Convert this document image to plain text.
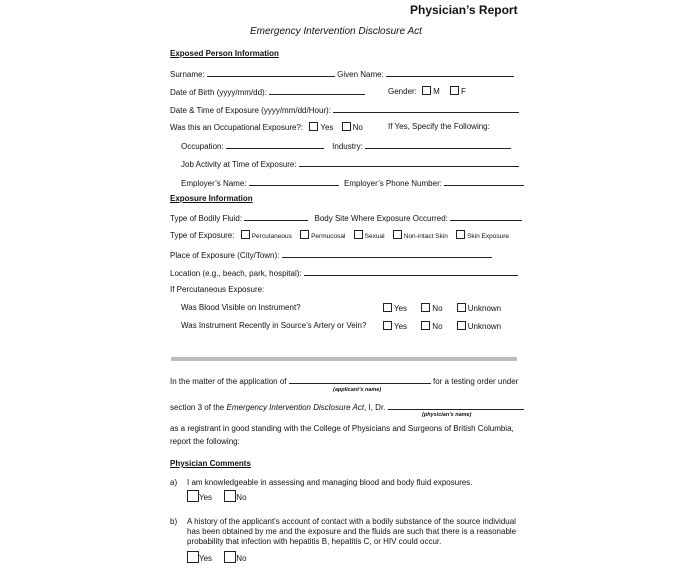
Physician’s Report
Emergency Intervention Disclosure Act
Exposed Person Information
Surname:	Given Name:
Date of Birth (yyyy/mm/dd):	Gender: M	F
Date & Time of Exposure (yyyy/mm/dd/Hour):
Was this an Occupational Exposure?: Yes No	If Yes, Specify the Following:
Occupation:	Industry:
Job Activity at Time of Exposure:
Employer’s Name:	Employer’s Phone Number:
Exposure Information
Type of Bodily Fluid:	Body Site Where Exposure Occurred:
Type of Exposure:	Percutaneous	Permucosal	Sexual	Non-intact Skin	Skin Exposure
Place of Exposure (City/Town):
Location (e.g., beach, park, hospital):
If Percutaneous Exposure:
Was Blood Visible on Instrument?	Yes	No	Unknown
Was Instrument Recently in Source’s Artery or Vein?	Yes	No	Unknown
In the matter of the application of	for a testing order under
(applicant’s name)
section 3 of the Emergency Intervention Disclosure Act, I, Dr.
(physician’s name)
as a registrant in good standing with the College of Physicians and Surgeons of British Columbia,
report the following:
Physician Comments
a) I am knowledgeable in assessing and managing blood and body fluid exposures.
Yes	No
b) A history of the applicant’s account of contact with a bodily substance of the source individual
has been obtained by me and the exposure and the fluids are such that there is a reasonable
probability that infection with hepatitis B, hepatitis C, or HIV could occur.
Yes	No
